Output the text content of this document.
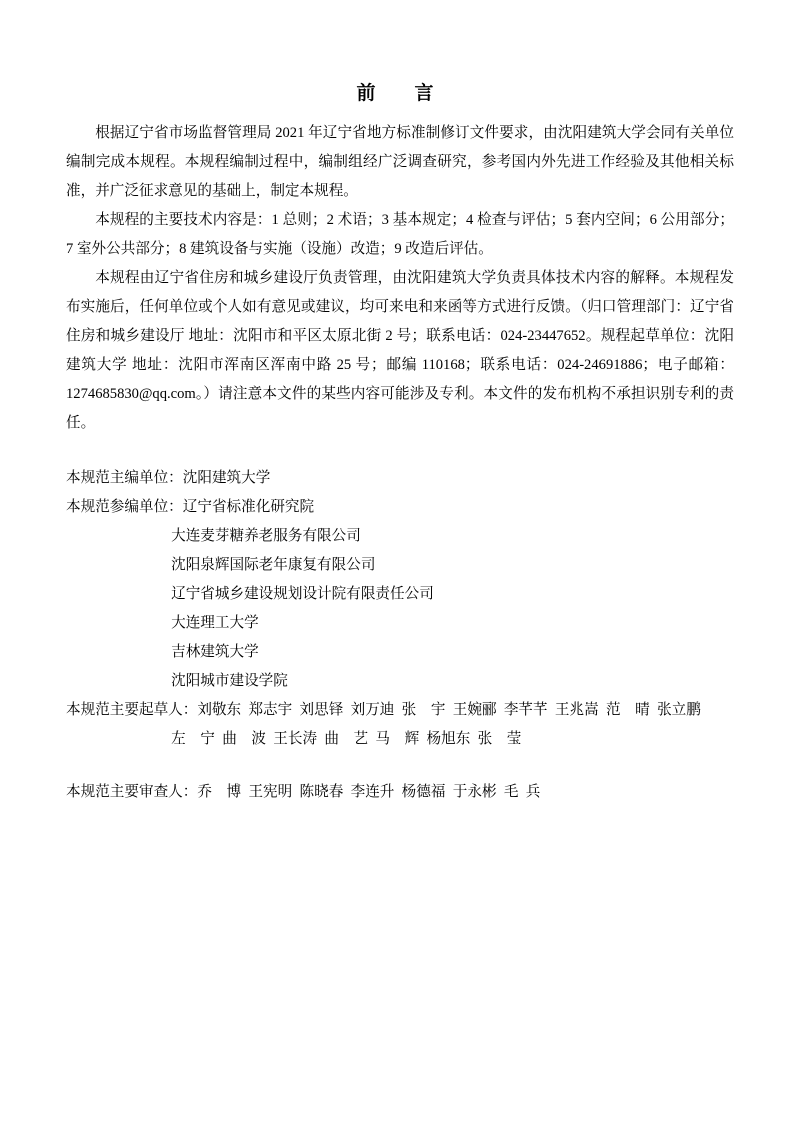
前　言

根据辽宁省市场监督管理局 2021 年辽宁省地方标准制修订文件要求，由沈阳建筑大学会同有关单位编制完成本规程。本规程编制过程中，编制组经广泛调查研究，参考国内外先进工作经验及其他相关标准，并广泛征求意见的基础上，制定本规程。

本规程的主要技术内容是：1 总则；2 术语；3 基本规定；4 检查与评估；5 套内空间；6 公用部分；7 室外公共部分；8 建筑设备与实施（设施）改造；9 改造后评估。

本规程由辽宁省住房和城乡建设厅负责管理，由沈阳建筑大学负责具体技术内容的解释。本规程发布实施后，任何单位或个人如有意见或建议，均可来电和来函等方式进行反馈。（归口管理部门：辽宁省住房和城乡建设厅 地址：沈阳市和平区太原北街 2 号；联系电话：024-23447652。规程起草单位：沈阳建筑大学 地址：沈阳市浑南区浑南中路 25 号；邮编 110168；联系电话：024-24691886；电子邮箱：1274685830@qq.com。）请注意本文件的某些内容可能涉及专利。本文件的发布机构不承担识别专利的责任。

本规范主编单位：沈阳建筑大学
本规范参编单位：辽宁省标准化研究院
大连麦芽糖养老服务有限公司
沈阳泉辉国际老年康复有限公司
辽宁省城乡建设规划设计院有限责任公司
大连理工大学
吉林建筑大学
沈阳城市建设学院
本规范主要起草人：刘敬东  郑志宇  刘思铎  刘万迪  张　宇  王婉郦  李芊芊  王兆嵩  范　晴  张立鹏
左　宁  曲　波  王长涛  曲　艺  马　辉  杨旭东  张　莹
本规范主要审查人：乔　博  王宪明  陈晓春  李连升  杨德福  于永彬  毛  兵
